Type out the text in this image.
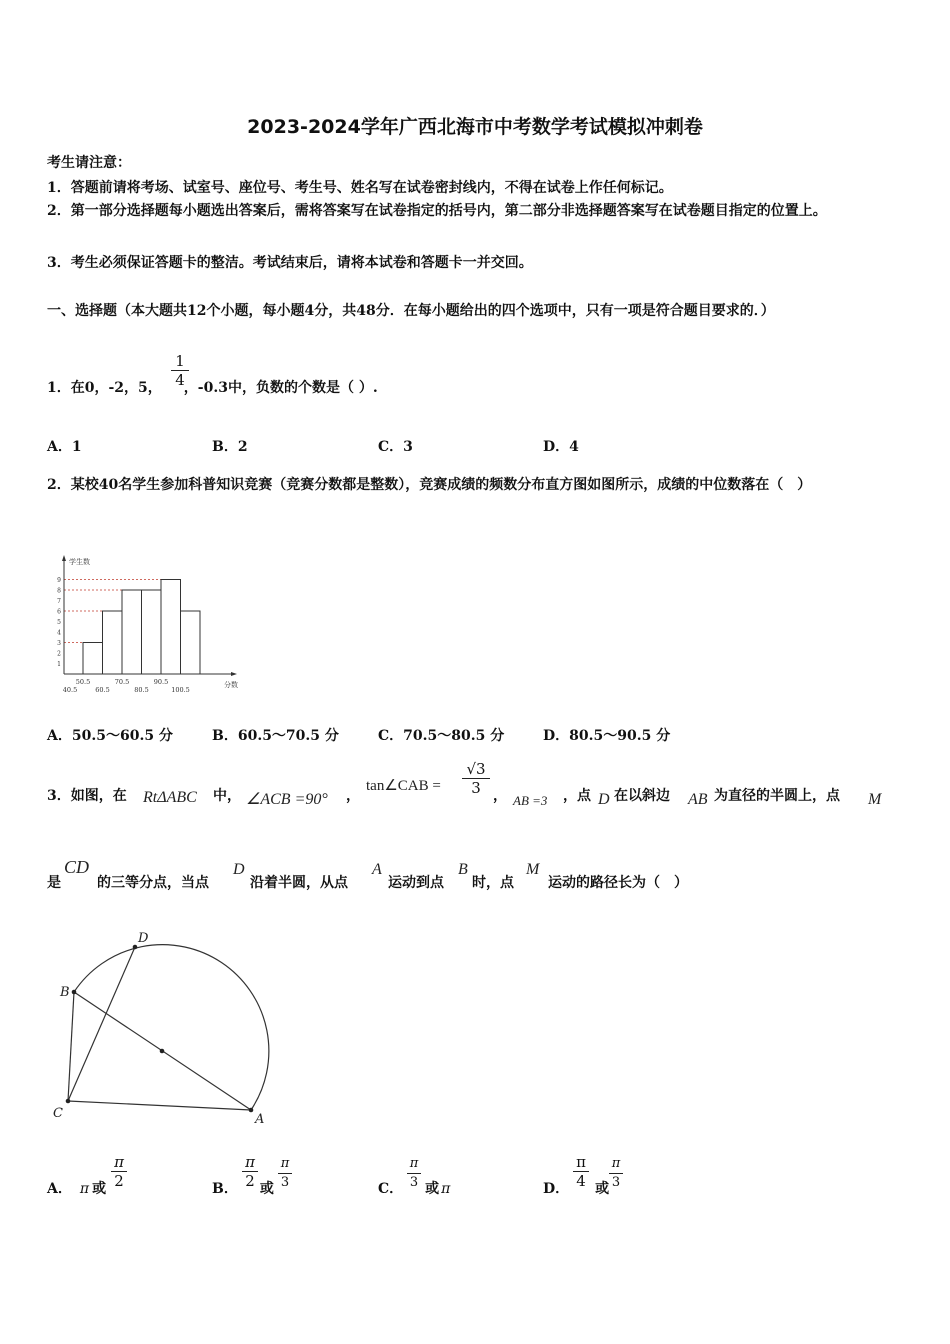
2023-2024学年广西北海市中考数学考试模拟冲刺卷
考生请注意：
1．答题前请将考场、试室号、座位号、考生号、姓名写在试卷密封线内，不得在试卷上作任何标记。
2．第一部分选择题每小题选出答案后，需将答案写在试卷指定的括号内，第二部分非选择题答案写在试卷题目指定的位置上。
3．考生必须保证答题卡的整洁。考试结束后，请将本试卷和答题卡一并交回。
一、选择题（本大题共12个小题，每小题4分，共48分．在每小题给出的四个选项中，只有一项是符合题目要求的．）
1．在0，-2，5， ，-0.3中，负数的个数是（ ）.
$\frac{1}{4}$
A．1	B．2	C．3	D．4
2．某校40名学生参加科普知识竞赛（竞赛分数都是整数），竞赛成绩的频数分布直方图如图所示，成绩的中位数落在（　）
学生数
分数
1
2
3
4
5
6
7
8
9
40.5
50.5
60.5
70.5
80.5
90.5
100.5
A．50.5～60.5 分	B．60.5～70.5 分	C．70.5～80.5 分	D．80.5～90.5 分
3．如图，在 RtΔABC 中， ∠ACB =90° ，
tan∠CAB = $\frac{√3}{3}$ ， AB =3 ，点 D 在以斜边 AB 为直径的半圆上，点 M
是
CD
的三等分点，当点
D
沿着半圆，从点
A
运动到点
B
时，点
M
运动的路径长为（　）
D
B
C	A
A． π 或 $\frac{\pi}{2}$	B． 或
$\frac{\pi}{2} \frac{\pi}{3}$	C． 或 π
$\frac{\pi}{3}$	D． 或
$\frac{\pi}{4} \frac{\pi}{3}$
